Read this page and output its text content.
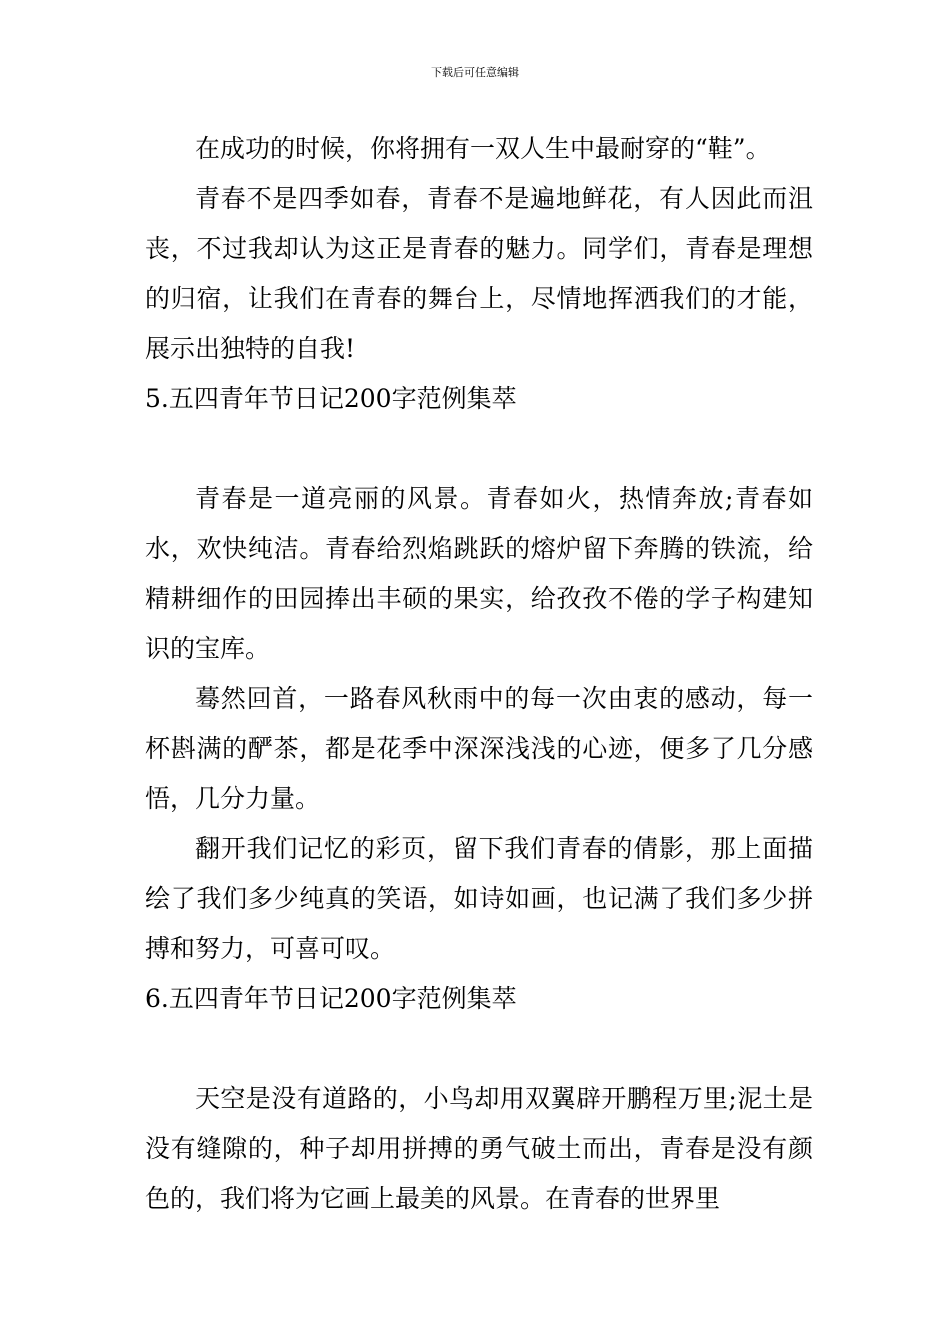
下载后可任意编辑

在成功的时候，你将拥有一双人生中最耐穿的“鞋”。

青春不是四季如春，青春不是遍地鲜花，有人因此而沮丧，不过我却认为这正是青春的魅力。同学们，青春是理想的归宿，让我们在青春的舞台上，尽情地挥洒我们的才能，展示出独特的自我!

5.五四青年节日记200字范例集萃

青春是一道亮丽的风景。青春如火，热情奔放;青春如水，欢快纯洁。青春给烈焰跳跃的熔炉留下奔腾的铁流，给精耕细作的田园捧出丰硕的果实，给孜孜不倦的学子构建知识的宝库。

蓦然回首，一路春风秋雨中的每一次由衷的感动，每一杯斟满的酽茶，都是花季中深深浅浅的心迹，便多了几分感悟，几分力量。

翻开我们记忆的彩页，留下我们青春的倩影，那上面描绘了我们多少纯真的笑语，如诗如画，也记满了我们多少拼搏和努力，可喜可叹。

6.五四青年节日记200字范例集萃

天空是没有道路的，小鸟却用双翼辟开鹏程万里;泥土是没有缝隙的，种子却用拼搏的勇气破土而出，青春是没有颜色的，我们将为它画上最美的风景。在青春的世界里
